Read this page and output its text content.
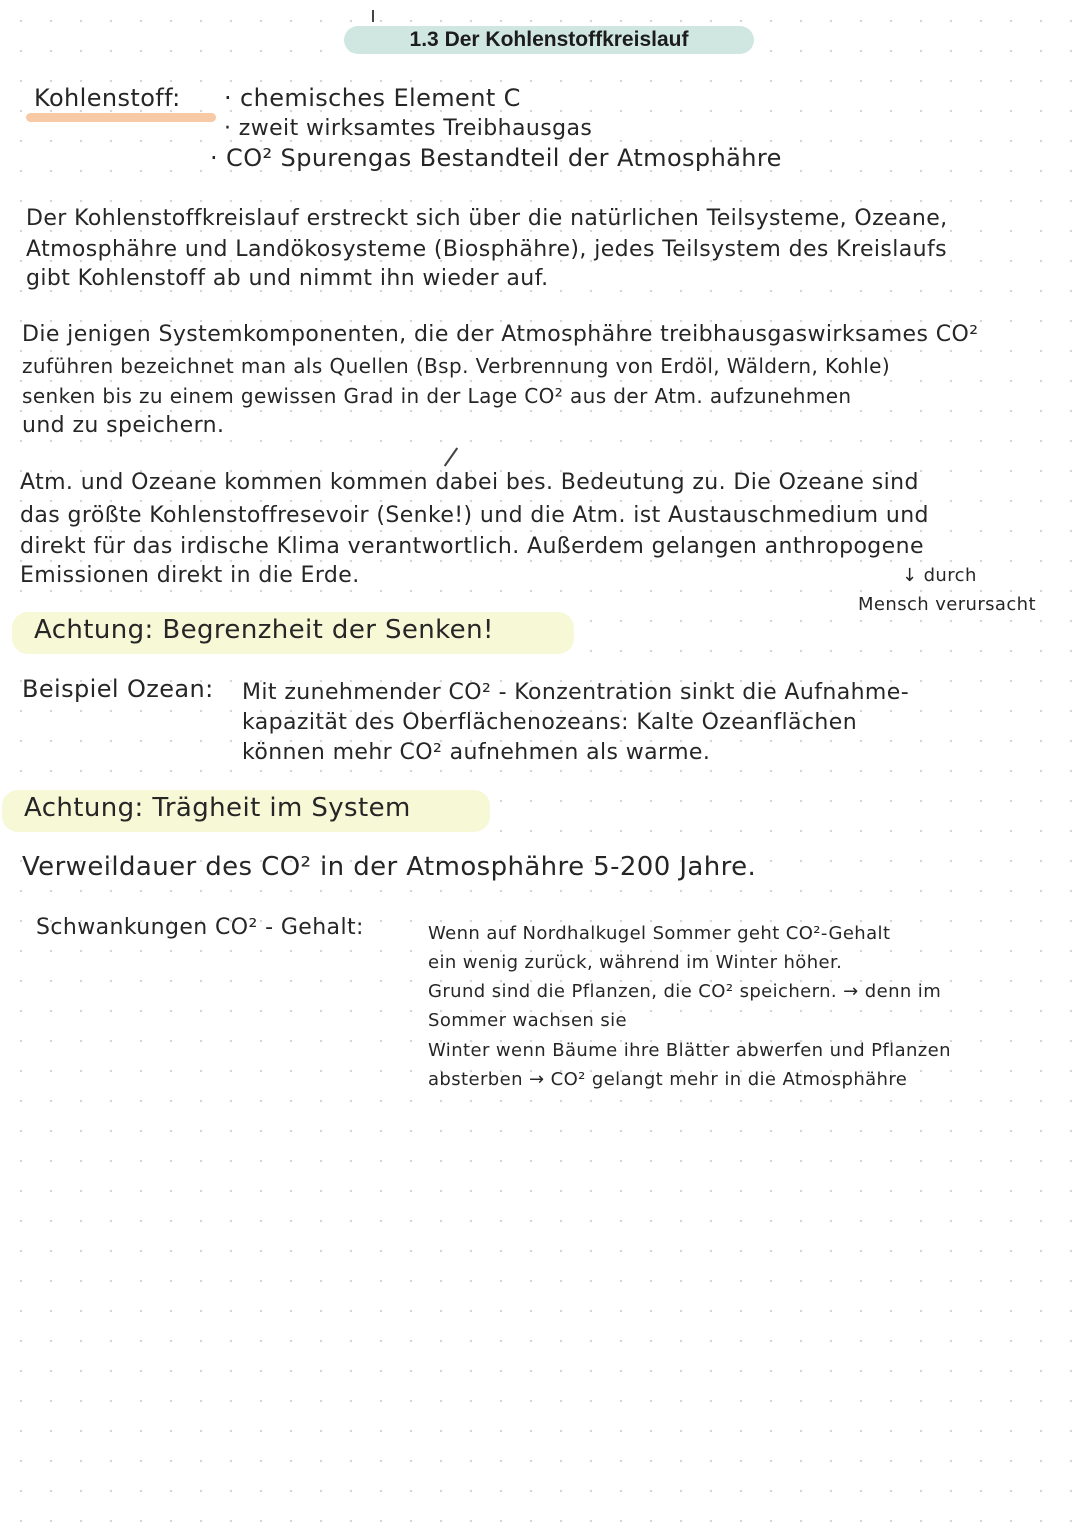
1.3 Der Kohlenstoffkreislauf
Kohlenstoff: · chemisches Element C
· zweit wirksamtes Treibhausgas
· CO² Spurengas Bestandteil der Atmosphähre
Der Kohlenstoffkreislauf erstreckt sich über die natürlichen Teilsysteme, Ozeane,
Atmosphähre und Landökosysteme (Biosphähre), jedes Teilsystem des Kreislaufs
gibt Kohlenstoff ab und nimmt ihn wieder auf.
Die jenigen Systemkomponenten, die der Atmosphähre treibhausgaswirksames CO²
zuführen bezeichnet man als Quellen (Bsp. Verbrennung von Erdöl, Wäldern, Kohle)
senken bis zu einem gewissen Grad in der Lage CO² aus der Atm. aufzunehmen
und zu speichern.
Atm. und Ozeane kommen kommen dabei bes. Bedeutung zu. Die Ozeane sind
das größte Kohlenstoffresevoir (Senke!) und die Atm. ist Austauschmedium und
direkt für das irdische Klima verantwortlich. Außerdem gelangen anthropogene
Emissionen direkt in die Erde.	↓ durch
Mensch verursacht
Achtung: Begrenzheit der Senken!
Beispiel Ozean: Mit zunehmender CO² - Konzentration sinkt die Aufnahme-
kapazität des Oberflächenozeans: Kalte Ozeanflächen
können mehr CO² aufnehmen als warme.
Achtung: Trägheit im System
Verweildauer des CO² in der Atmosphähre 5-200 Jahre.
Schwankungen CO² - Gehalt:	Wenn auf Nordhalkugel Sommer geht CO²-Gehalt
ein wenig zurück, während im Winter höher.
Grund sind die Pflanzen, die CO² speichern. → denn im
Sommer wachsen sie
Winter wenn Bäume ihre Blätter abwerfen und Pflanzen
absterben → CO² gelangt mehr in die Atmosphähre
